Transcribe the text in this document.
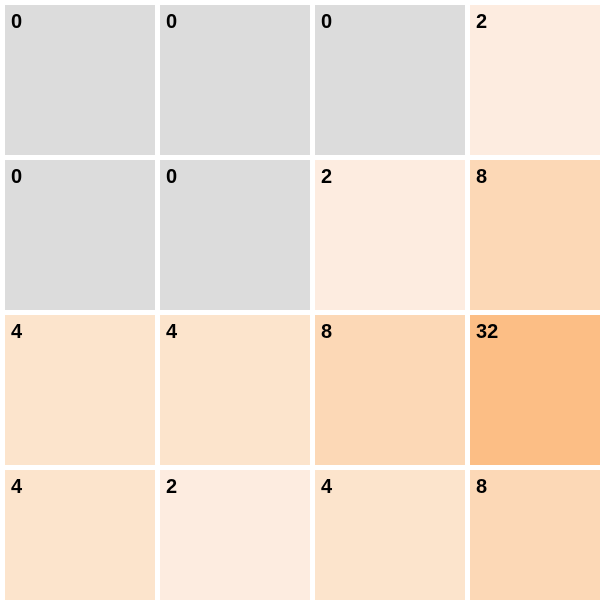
0	0	0	2
0	0	2	8
4	4	8	32
4	2	4	8
